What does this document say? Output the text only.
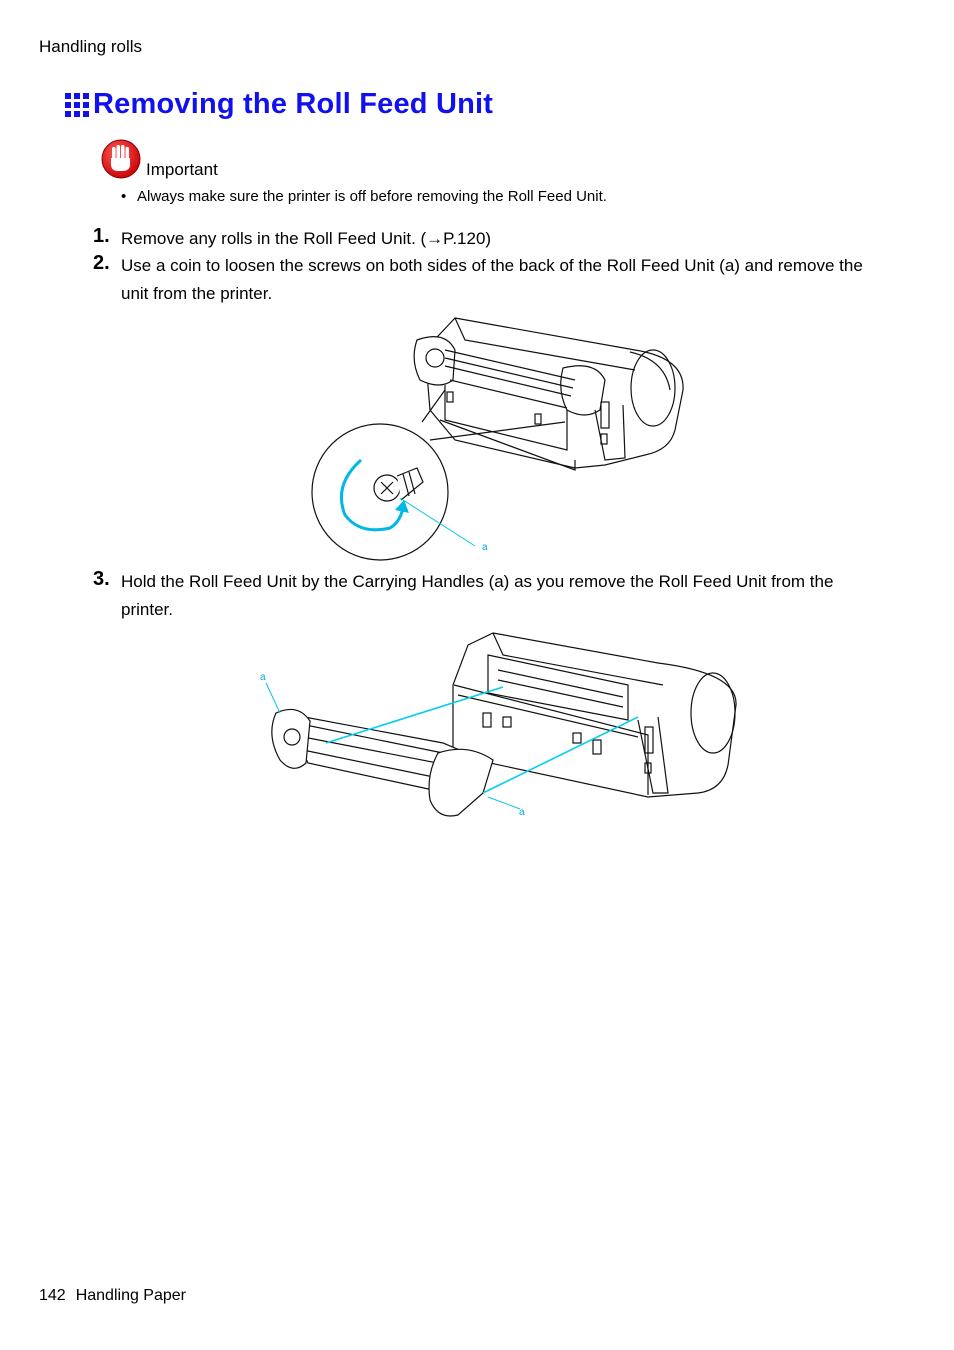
Handling rolls
Removing the Roll Feed Unit
Important
• Always make sure the printer is off before removing the Roll Feed Unit.
1. Remove any rolls in the Roll Feed Unit. (→P.120)
2. Use a coin to loosen the screws on both sides of the back of the Roll Feed Unit (a) and remove the unit from the printer.
a
3. Hold the Roll Feed Unit by the Carrying Handles (a) as you remove the Roll Feed Unit from the printer.
a
a
142 Handling Paper
